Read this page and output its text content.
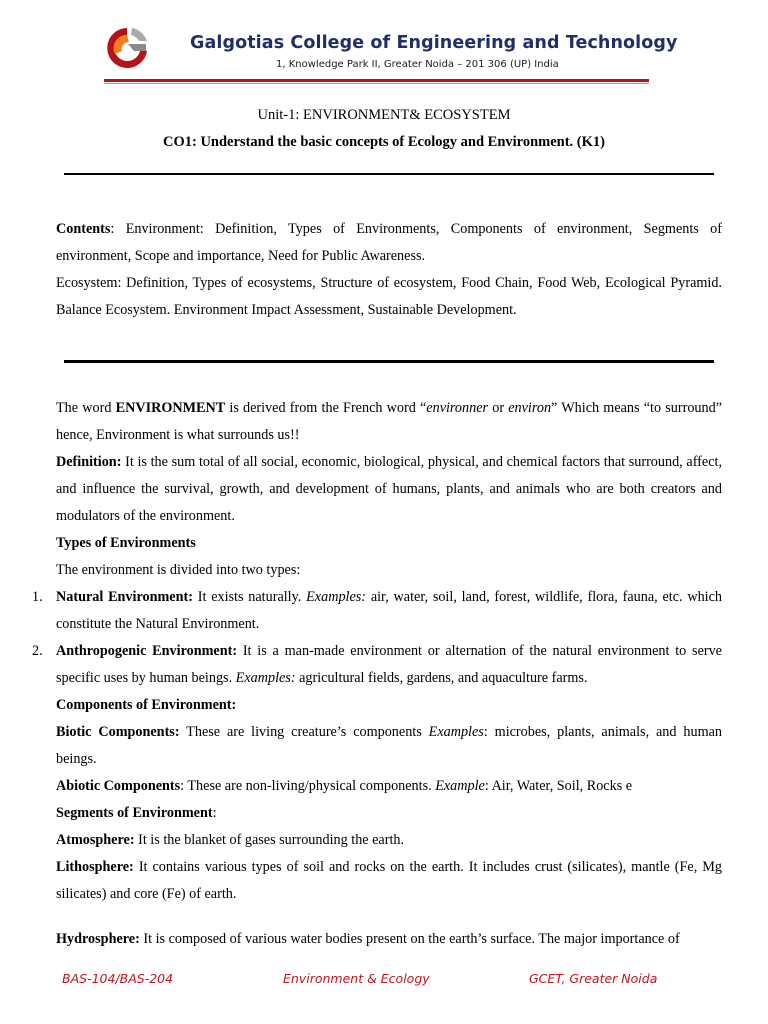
Galgotias College of Engineering and Technology
1, Knowledge Park II, Greater Noida – 201 306 (UP) India
Unit-1: ENVIRONMENT& ECOSYSTEM
CO1: Understand the basic concepts of Ecology and Environment. (K1)

Contents: Environment: Definition, Types of Environments, Components of environment, Segments of environment, Scope and importance, Need for Public Awareness.

Ecosystem: Definition, Types of ecosystems, Structure of ecosystem, Food Chain, Food Web, Ecological Pyramid. Balance Ecosystem. Environment Impact Assessment, Sustainable Development.

The word ENVIRONMENT is derived from the French word “environner or environ” Which means “to surround” hence, Environment is what surrounds us!!

Definition: It is the sum total of all social, economic, biological, physical, and chemical factors that surround, affect, and influence the survival, growth, and development of humans, plants, and animals who are both creators and modulators of the environment.

Types of Environments

The environment is divided into two types:

1. Natural Environment: It exists naturally. Examples: air, water, soil, land, forest, wildlife, flora, fauna, etc. which constitute the Natural Environment.

2. Anthropogenic Environment: It is a man-made environment or alternation of the natural environment to serve specific uses by human beings. Examples: agricultural fields, gardens, and aquaculture farms.

Components of Environment:

Biotic Components: These are living creature’s components Examples: microbes, plants, animals, and human beings.

Abiotic Components: These are non-living/physical components. Example: Air, Water, Soil, Rocks e

Segments of Environment:

Atmosphere: It is the blanket of gases surrounding the earth.

Lithosphere: It contains various types of soil and rocks on the earth. It includes crust (silicates), mantle (Fe, Mg silicates) and core (Fe) of earth.

Hydrosphere: It is composed of various water bodies present on the earth’s surface. The major importance of

BAS-104/BAS-204	Environment & Ecology	GCET, Greater Noida
